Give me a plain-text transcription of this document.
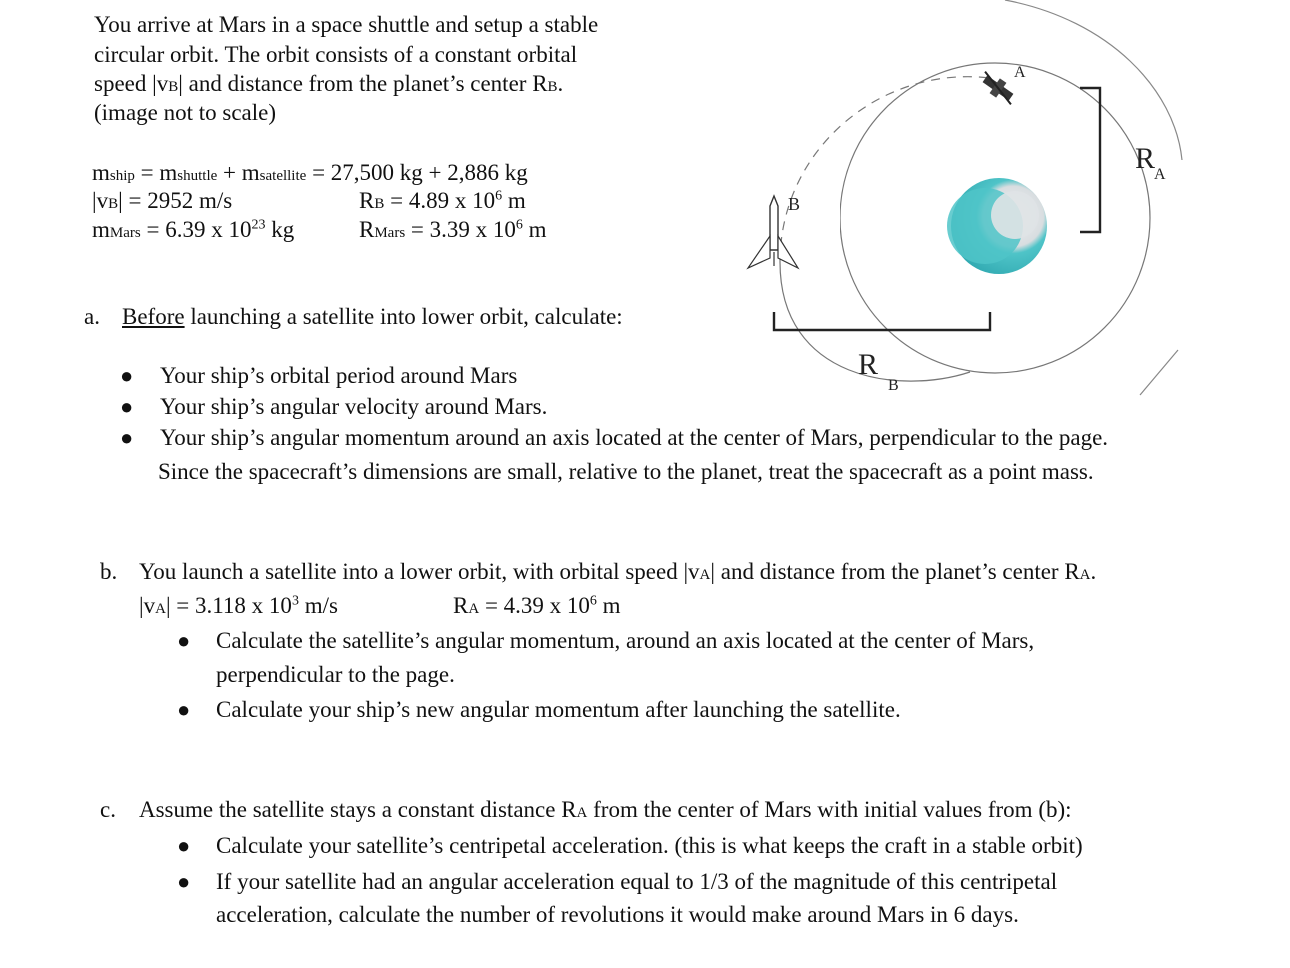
You arrive at Mars in a space shuttle and setup a stable
circular orbit. The orbit consists of a constant orbital
speed |vB| and distance from the planet’s center RB.
(image not to scale)
mship = mshuttle + msatellite = 27,500 kg + 2,886 kg
|vB| = 2952 m/s	RB = 4.89 x $10^6$ m
mMars = 6.39 x $10^{23}$ kg	RMars = 3.39 x $10^6$ m
a. Before launching a satellite into lower orbit, calculate:
● Your ship’s orbital period around Mars
● Your ship’s angular velocity around Mars.
● Your ship’s angular momentum around an axis located at the center of Mars, perpendicular to the page.
Since the spacecraft’s dimensions are small, relative to the planet, treat the spacecraft as a point mass.
b. You launch a satellite into a lower orbit, with orbital speed |vA| and distance from the planet’s center RA.
|vA| = 3.118 x $10^3$ m/s	RA = 4.39 x $10^6$ m
● Calculate the satellite’s angular momentum, around an axis located at the center of Mars,
perpendicular to the page.
● Calculate your ship’s new angular momentum after launching the satellite.
c. Assume the satellite stays a constant distance RA from the center of Mars with initial values from (b):
● Calculate your satellite’s centripetal acceleration. (this is what keeps the craft in a stable orbit)
● If your satellite had an angular acceleration equal to 1/3 of the magnitude of this centripetal
acceleration, calculate the number of revolutions it would make around Mars in 6 days.
A
B
R
A
R
B
